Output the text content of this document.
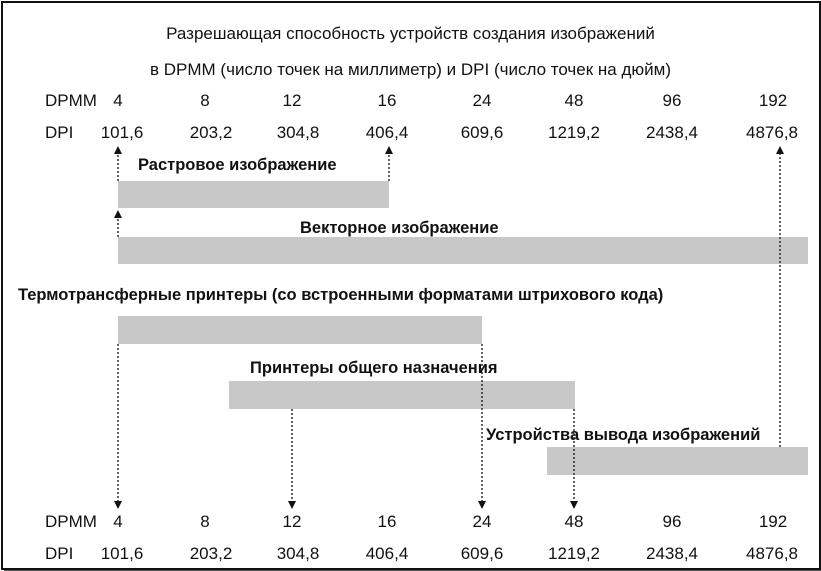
Разрешающая способность устройств создания изображений
в DPMM (число точек на миллиметр) и DPI (число точек на дюйм)
DPMM
DPI
4	8	12	16	24	48	96	192
101,6	203,2	304,8	406,4	609,6	1219,2	2438,4	4876,8
Растровое изображение
Векторное изображение
Термотрансферные принтеры (со встроенными форматами штрихового кода)
Принтеры общего назначения
Устройства вывода изображений
DPMM
DPI
4	8	12	16	24	48	96	192
101,6	203,2	304,8	406,4	609,6	1219,2	2438,4	4876,8
